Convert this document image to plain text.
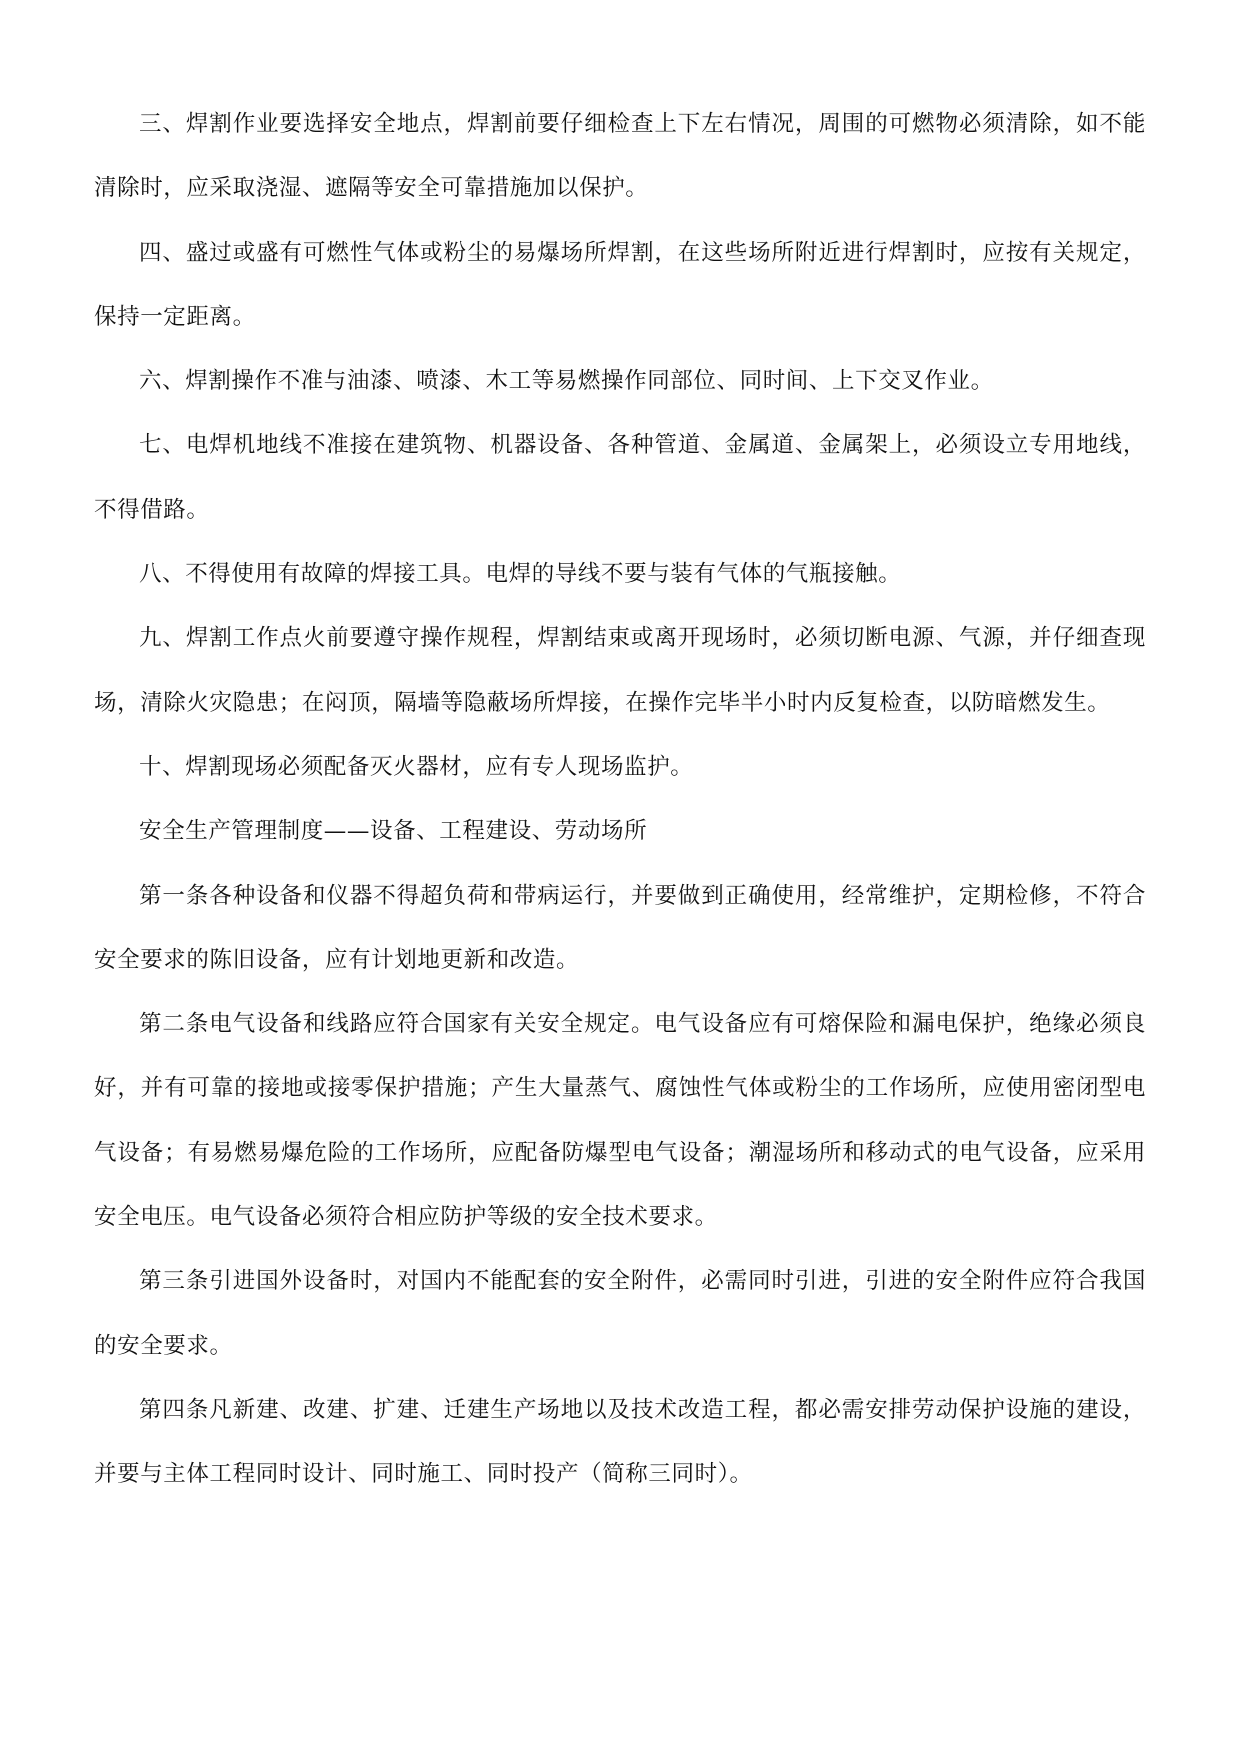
三、焊割作业要选择安全地点，焊割前要仔细检查上下左右情况，周围的可燃物必须清除，如不能清除时，应采取浇湿、遮隔等安全可靠措施加以保护。

四、盛过或盛有可燃性气体或粉尘的易爆场所焊割，在这些场所附近进行焊割时，应按有关规定，保持一定距离。

六、焊割操作不准与油漆、喷漆、木工等易燃操作同部位、同时间、上下交叉作业。

七、电焊机地线不准接在建筑物、机器设备、各种管道、金属道、金属架上，必须设立专用地线，不得借路。

八、不得使用有故障的焊接工具。电焊的导线不要与装有气体的气瓶接触。

九、焊割工作点火前要遵守操作规程，焊割结束或离开现场时，必须切断电源、气源，并仔细查现场，清除火灾隐患；在闷顶，隔墙等隐蔽场所焊接，在操作完毕半小时内反复检查，以防暗燃发生。

十、焊割现场必须配备灭火器材，应有专人现场监护。

安全生产管理制度——设备、工程建设、劳动场所

第一条各种设备和仪器不得超负荷和带病运行，并要做到正确使用，经常维护，定期检修，不符合安全要求的陈旧设备，应有计划地更新和改造。

第二条电气设备和线路应符合国家有关安全规定。电气设备应有可熔保险和漏电保护，绝缘必须良好，并有可靠的接地或接零保护措施；产生大量蒸气、腐蚀性气体或粉尘的工作场所，应使用密闭型电气设备；有易燃易爆危险的工作场所，应配备防爆型电气设备；潮湿场所和移动式的电气设备，应采用安全电压。电气设备必须符合相应防护等级的安全技术要求。

第三条引进国外设备时，对国内不能配套的安全附件，必需同时引进，引进的安全附件应符合我国的安全要求。

第四条凡新建、改建、扩建、迁建生产场地以及技术改造工程，都必需安排劳动保护设施的建设，并要与主体工程同时设计、同时施工、同时投产（简称三同时）。
